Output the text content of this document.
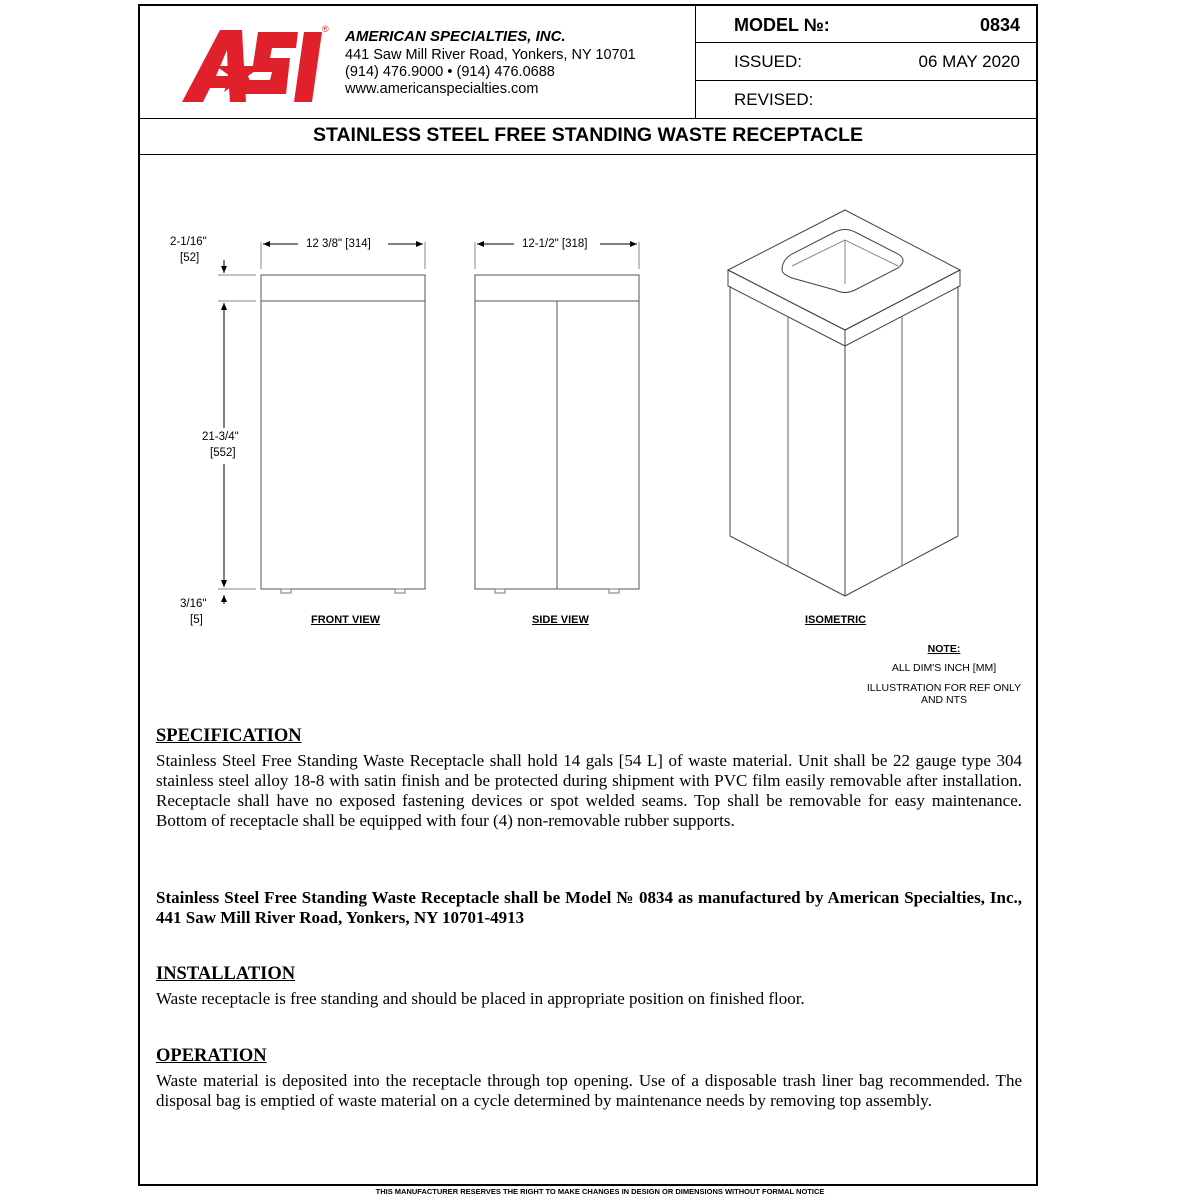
® AMERICAN SPECIALTIES, INC.
441 Saw Mill River Road, Yonkers, NY 10701
(914) 476.9000 • (914) 476.0688
www.americanspecialties.com
MODEL №:	0834
ISSUED:	06 MAY 2020
REVISED:
STAINLESS STEEL FREE STANDING WASTE RECEPTACLE
2-1/16"
[52]
12 3/8" [314]	12-1/2" [318]
21-3/4"
[552]
3/16"
[5]	FRONT VIEW	SIDE VIEW	ISOMETRIC
NOTE:
ALL DIM'S INCH [MM]
ILLUSTRATION FOR REF ONLY
AND NTS
SPECIFICATION
Stainless Steel Free Standing Waste Receptacle shall hold 14 gals [54 L] of waste material. Unit shall be 22 gauge type 304 stainless steel alloy 18-8 with satin finish and be protected during shipment with PVC film easily removable after installation. Receptacle shall have no exposed fastening devices or spot welded seams. Top shall be removable for easy maintenance. Bottom of receptacle shall be equipped with four (4) non-removable rubber supports.
Stainless Steel Free Standing Waste Receptacle shall be Model № 0834 as manufactured by American Specialties, Inc., 441 Saw Mill River Road, Yonkers, NY 10701-4913
INSTALLATION
Waste receptacle is free standing and should be placed in appropriate position on finished floor.
OPERATION
Waste material is deposited into the receptacle through top opening. Use of a disposable trash liner bag recommended. The disposal bag is emptied of waste material on a cycle determined by maintenance needs by removing top assembly.
THIS MANUFACTURER RESERVES THE RIGHT TO MAKE CHANGES IN DESIGN OR DIMENSIONS WITHOUT FORMAL NOTICE
